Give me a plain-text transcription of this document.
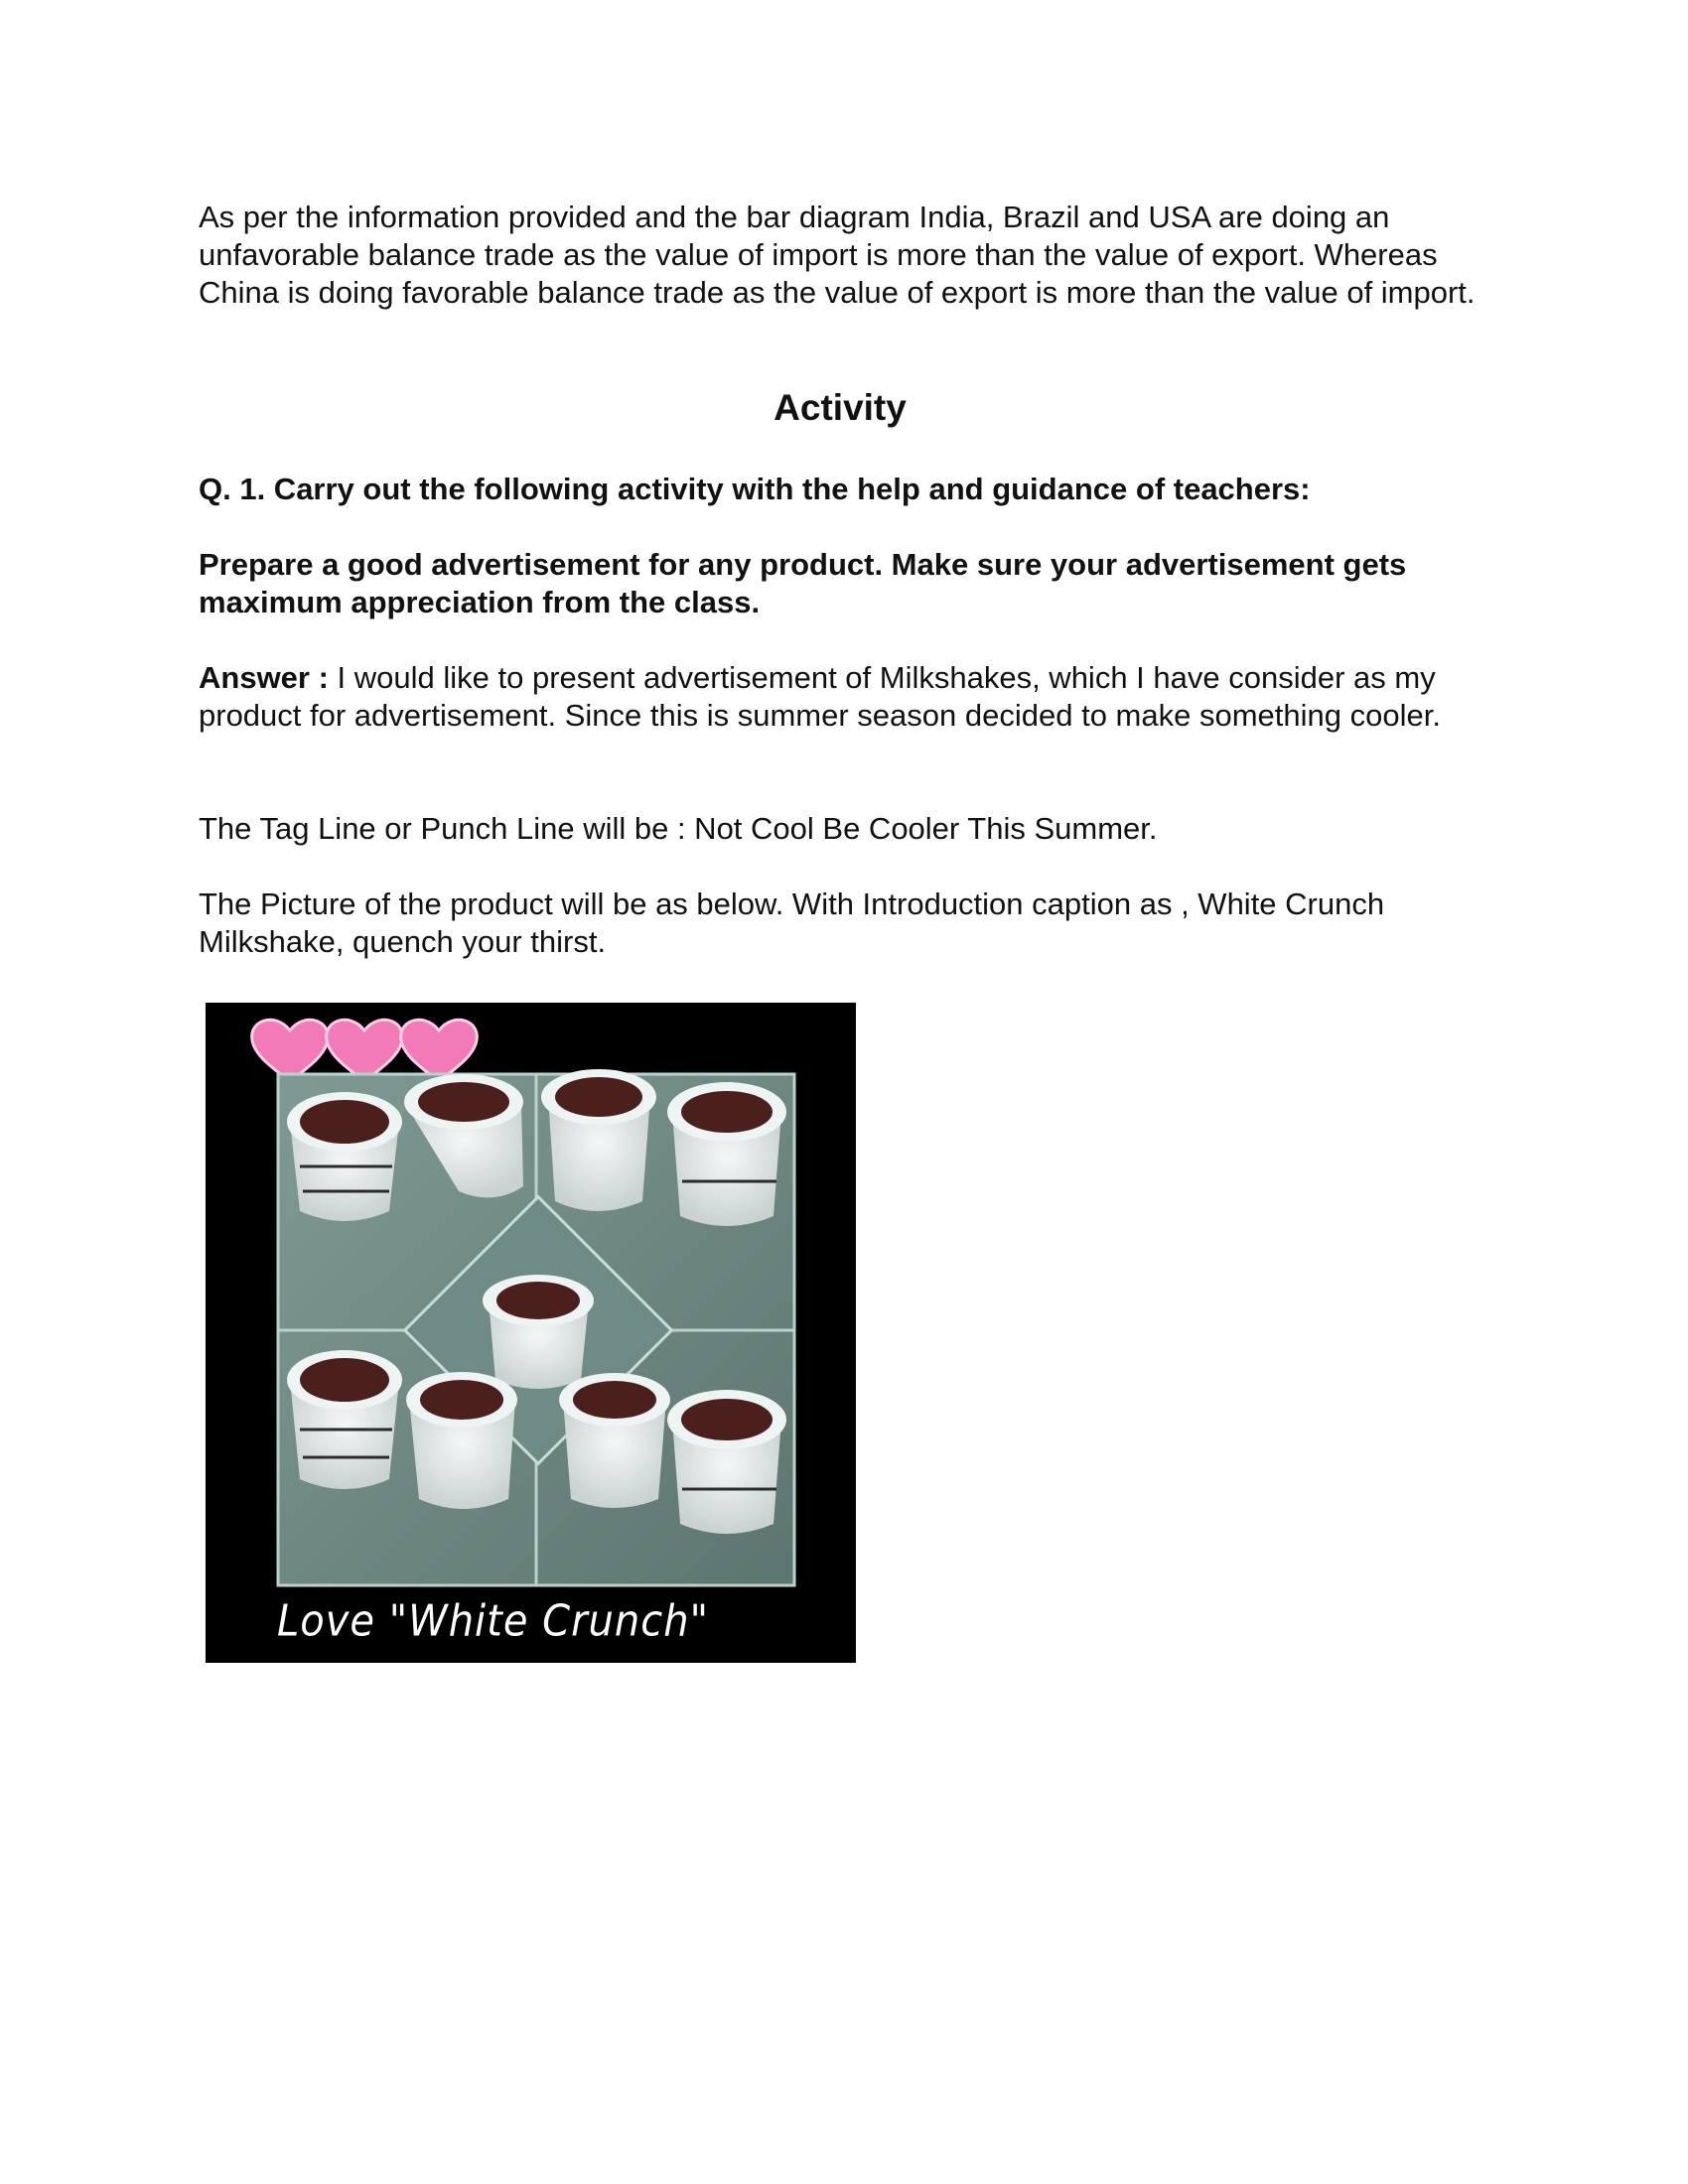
As per the information provided and the bar diagram India, Brazil and USA are doing an unfavorable balance trade as the value of import is more than the value of export. Whereas China is doing favorable balance trade as the value of export is more than the value of import.

Activity

Q. 1. Carry out the following activity with the help and guidance of teachers:

Prepare a good advertisement for any product. Make sure your advertisement gets maximum appreciation from the class.

Answer : I would like to present advertisement of Milkshakes, which I have consider as my product for advertisement. Since this is summer season decided to make something cooler.

The Tag Line or Punch Line will be : Not Cool Be Cooler This Summer.

The Picture of the product will be as below. With Introduction caption as , White Crunch Milkshake, quench your thirst.

Love "White Crunch"
